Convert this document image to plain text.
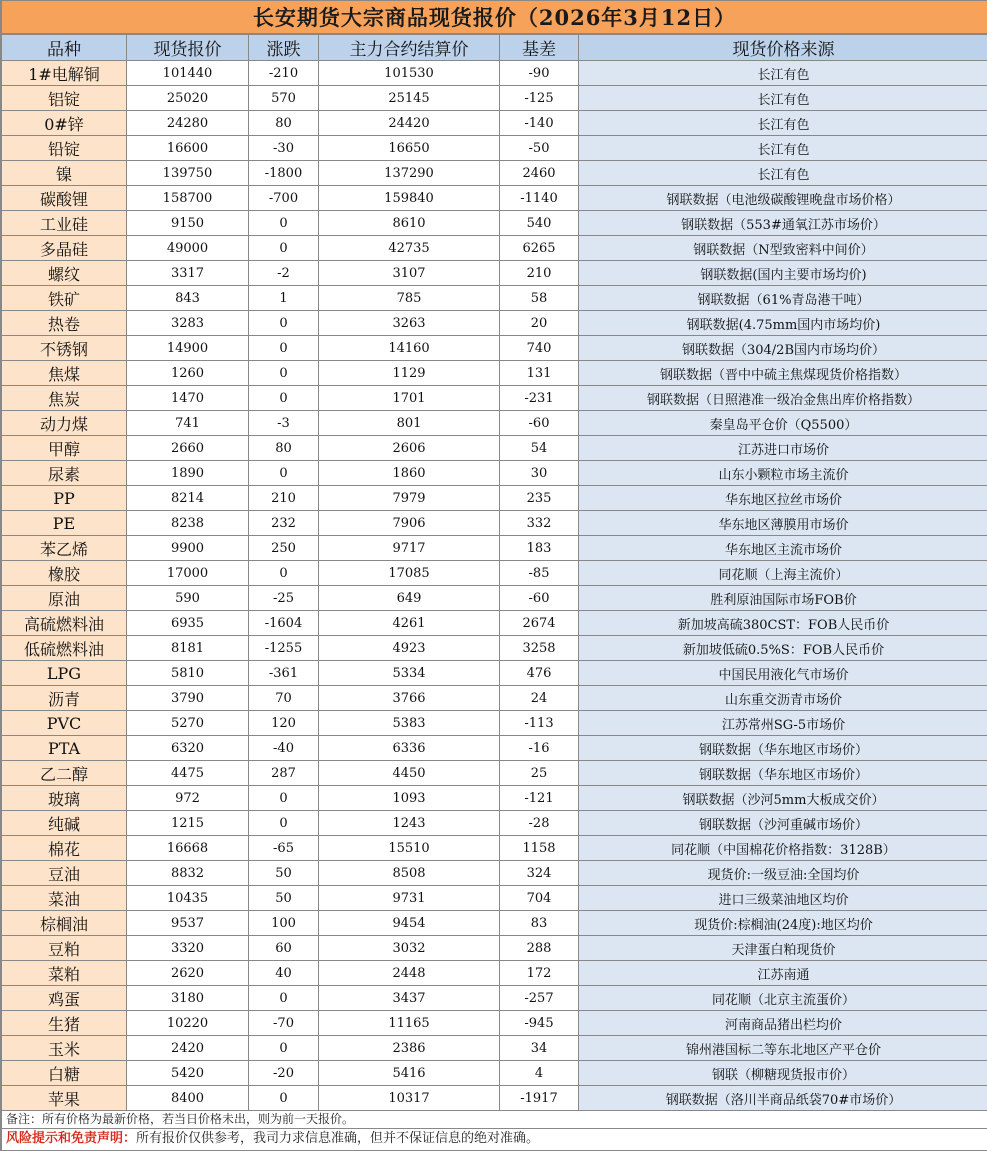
长安期货大宗商品现货报价（2026年3月12日）
品种	现货报价	涨跌	主力合约结算价	基差	现货价格来源
1#电解铜	101440	-210	101530	-90	长江有色
铝锭	25020	570	25145	-125	长江有色
0#锌	24280	80	24420	-140	长江有色
铅锭	16600	-30	16650	-50	长江有色
镍	139750	-1800	137290	2460	长江有色
碳酸锂	158700	-700	159840	-1140	钢联数据（电池级碳酸锂晚盘市场价格）
工业硅	9150	0	8610	540	钢联数据（553#通氧江苏市场价）
多晶硅	49000	0	42735	6265	钢联数据（N型致密料中间价）
螺纹	3317	-2	3107	210	钢联数据(国内主要市场均价)
铁矿	843	1	785	58	钢联数据（61%青岛港干吨）
热卷	3283	0	3263	20	钢联数据(4.75mm国内市场均价)
不锈钢	14900	0	14160	740	钢联数据（304/2B国内市场均价）
焦煤	1260	0	1129	131	钢联数据（晋中中硫主焦煤现货价格指数）
焦炭	1470	0	1701	-231	钢联数据（日照港准一级冶金焦出库价格指数）
动力煤	741	-3	801	-60	秦皇岛平仓价（Q5500）
甲醇	2660	80	2606	54	江苏进口市场价
尿素	1890	0	1860	30	山东小颗粒市场主流价
PP	8214	210	7979	235	华东地区拉丝市场价
PE	8238	232	7906	332	华东地区薄膜用市场价
苯乙烯	9900	250	9717	183	华东地区主流市场价
橡胶	17000	0	17085	-85	同花顺（上海主流价）
原油	590	-25	649	-60	胜利原油国际市场FOB价
高硫燃料油	6935	-1604	4261	2674	新加坡高硫380CST：FOB人民币价
低硫燃料油	8181	-1255	4923	3258	新加坡低硫0.5%S：FOB人民币价
LPG	5810	-361	5334	476	中国民用液化气市场价
沥青	3790	70	3766	24	山东重交沥青市场价
PVC	5270	120	5383	-113	江苏常州SG-5市场价
PTA	6320	-40	6336	-16	钢联数据（华东地区市场价）
乙二醇	4475	287	4450	25	钢联数据（华东地区市场价）
玻璃	972	0	1093	-121	钢联数据（沙河5mm大板成交价）
纯碱	1215	0	1243	-28	钢联数据（沙河重碱市场价）
棉花	16668	-65	15510	1158	同花顺（中国棉花价格指数：3128B）
豆油	8832	50	8508	324	现货价:一级豆油:全国均价
菜油	10435	50	9731	704	进口三级菜油地区均价
棕榈油	9537	100	9454	83	现货价:棕榈油(24度):地区均价
豆粕	3320	60	3032	288	天津蛋白粕现货价
菜粕	2620	40	2448	172	江苏南通
鸡蛋	3180	0	3437	-257	同花顺（北京主流蛋价）
生猪	10220	-70	11165	-945	河南商品猪出栏均价
玉米	2420	0	2386	34	锦州港国标二等东北地区产平仓价
白糖	5420	-20	5416	4	钢联（柳糖现货报市价）
苹果	8400	0	10317	-1917	钢联数据（洛川半商品纸袋70#市场价）
备注：所有价格为最新价格，若当日价格未出，则为前一天报价。
风险提示和免责声明：所有报价仅供参考，我司力求信息准确，但并不保证信息的绝对准确。
